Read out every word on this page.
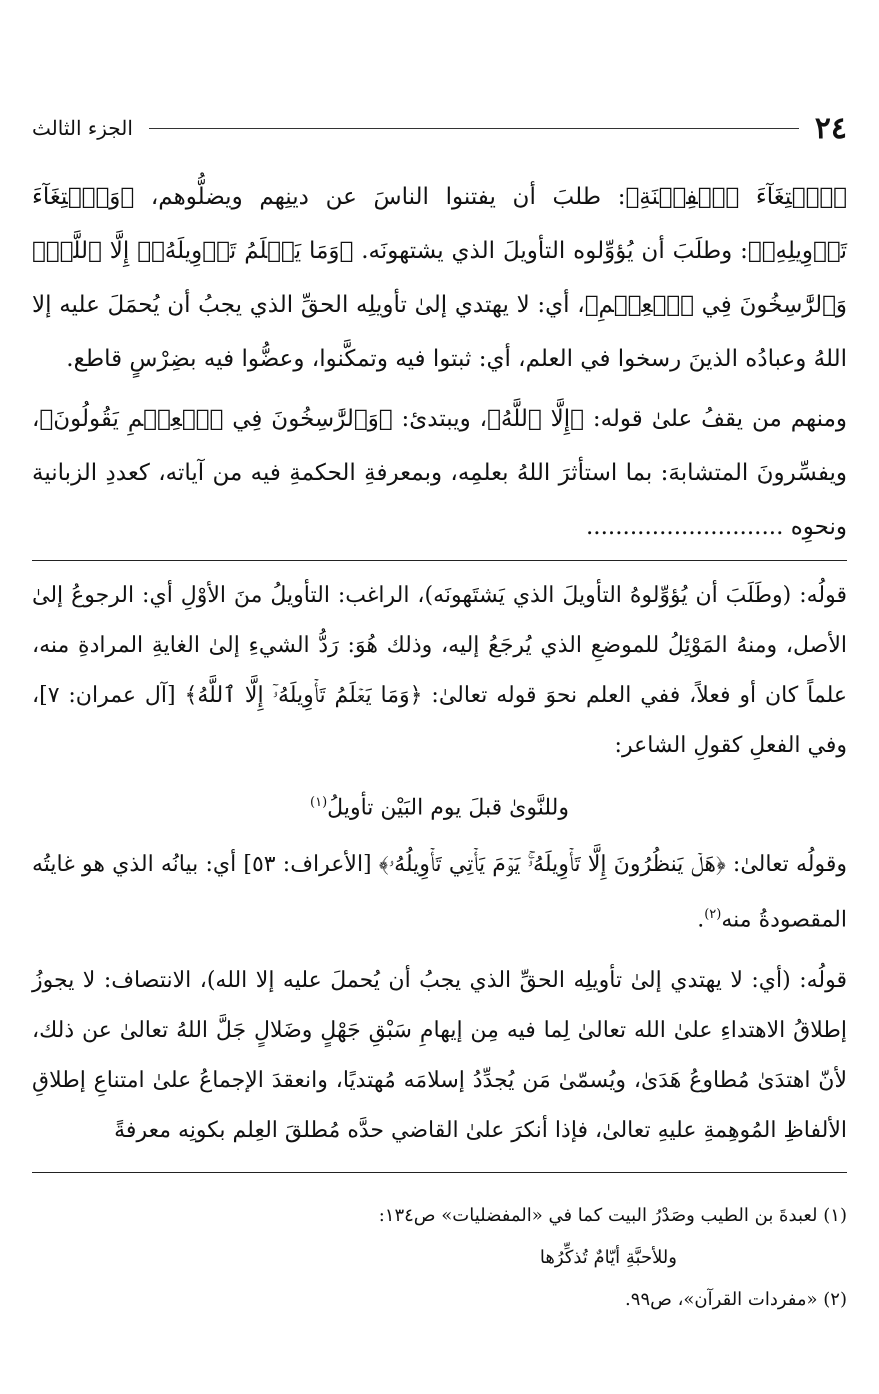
٢٤
الجزء الثالث

﴿ٱبۡتِغَآءَ ٱلۡفِتۡنَةِ﴾: طلبَ أن يفتنوا الناسَ عن دينِهم ويضلُّوهم، ﴿وَٱبۡتِغَآءَ تَأۡوِيلِهِۦ﴾: وطلَبَ أن يُؤوِّلوه التأويلَ الذي يشتهونَه. ﴿وَمَا يَعۡلَمُ تَأۡوِيلَهُۥٓ إِلَّا ٱللَّهُۗ وَٱلرَّٰسِخُونَ فِي ٱلۡعِلۡمِ﴾، أي: لا يهتدي إلىٰ تأويلِه الحقِّ الذي يجبُ أن يُحمَلَ عليه إلا اللهُ وعبادُه الذينَ رسخوا في العلم، أي: ثبتوا فيه وتمكَّنوا، وعضُّوا فيه بضِرْسٍ قاطع.

ومنهم من يقفُ علىٰ قوله: ﴿إِلَّا ٱللَّهُ﴾، ويبتدئ: ﴿وَٱلرَّٰسِخُونَ فِي ٱلۡعِلۡمِ يَقُولُونَ﴾، ويفسِّرونَ المتشابهَ: بما استأثرَ اللهُ بعلمِه، وبمعرفةِ الحكمةِ فيه من آياته، كعددِ الزبانية ونحوِه ...........................

قولُه: (وطَلَبَ أن يُؤوِّلوهُ التأويلَ الذي يَشتَهونَه)، الراغب: التأويلُ منَ الأوْلِ أي: الرجوعُ إلىٰ الأصل، ومنهُ المَوْئِلُ للموضعِ الذي يُرجَعُ إليه، وذلك هُوَ: رَدُّ الشيءِ إلىٰ الغايةِ المرادةِ منه، علماً كان أو فعلاً، ففي العلم نحوَ قوله تعالىٰ: ﴿وَمَا يَعۡلَمُ تَأۡوِيلَهُۥٓ إِلَّا ٱللَّهُ﴾ [آل عمران: ٧]، وفي الفعلِ كقولِ الشاعر:

وللنَّوىٰ قبلَ يوم البَيْن تأويلُ$^{(١)}$

وقولُه تعالىٰ: ﴿هَلۡ يَنظُرُونَ إِلَّا تَأۡوِيلَهُۥۚ يَوۡمَ يَأۡتِي تَأۡوِيلُهُۥ﴾ [الأعراف: ٥٣] أي: بيانُه الذي هو غايتُه المقصودةُ منه$^{(٢)}$.

قولُه: (أي: لا يهتدي إلىٰ تأويلِه الحقِّ الذي يجبُ أن يُحملَ عليه إلا الله)، الانتصاف: لا يجوزُ إطلاقُ الاهتداءِ علىٰ الله تعالىٰ لِما فيه مِن إيهامِ سَبْقِ جَهْلٍ وضَلالٍ جَلَّ اللهُ تعالىٰ عن ذلك، لأنّ اهتدَىٰ مُطاوعُ هَدَىٰ، ويُسمّىٰ مَن يُجدِّدُ إسلامَه مُهتديًا، وانعقدَ الإجماعُ علىٰ امتناعِ إطلاقِ الألفاظِ المُوهِمةِ عليهِ تعالىٰ، فإذا أنكرَ علىٰ القاضي حدَّه مُطلقَ العِلم بكونِه معرفةً

(١) لعبدةَ بن الطيب وصَدْرُ البيت كما في «المفضليات» ص١٣٤:

وللأحبَّةِ أيّامٌ تُذكِّرُها

(٢) «مفردات القرآن»، ص٩٩.
